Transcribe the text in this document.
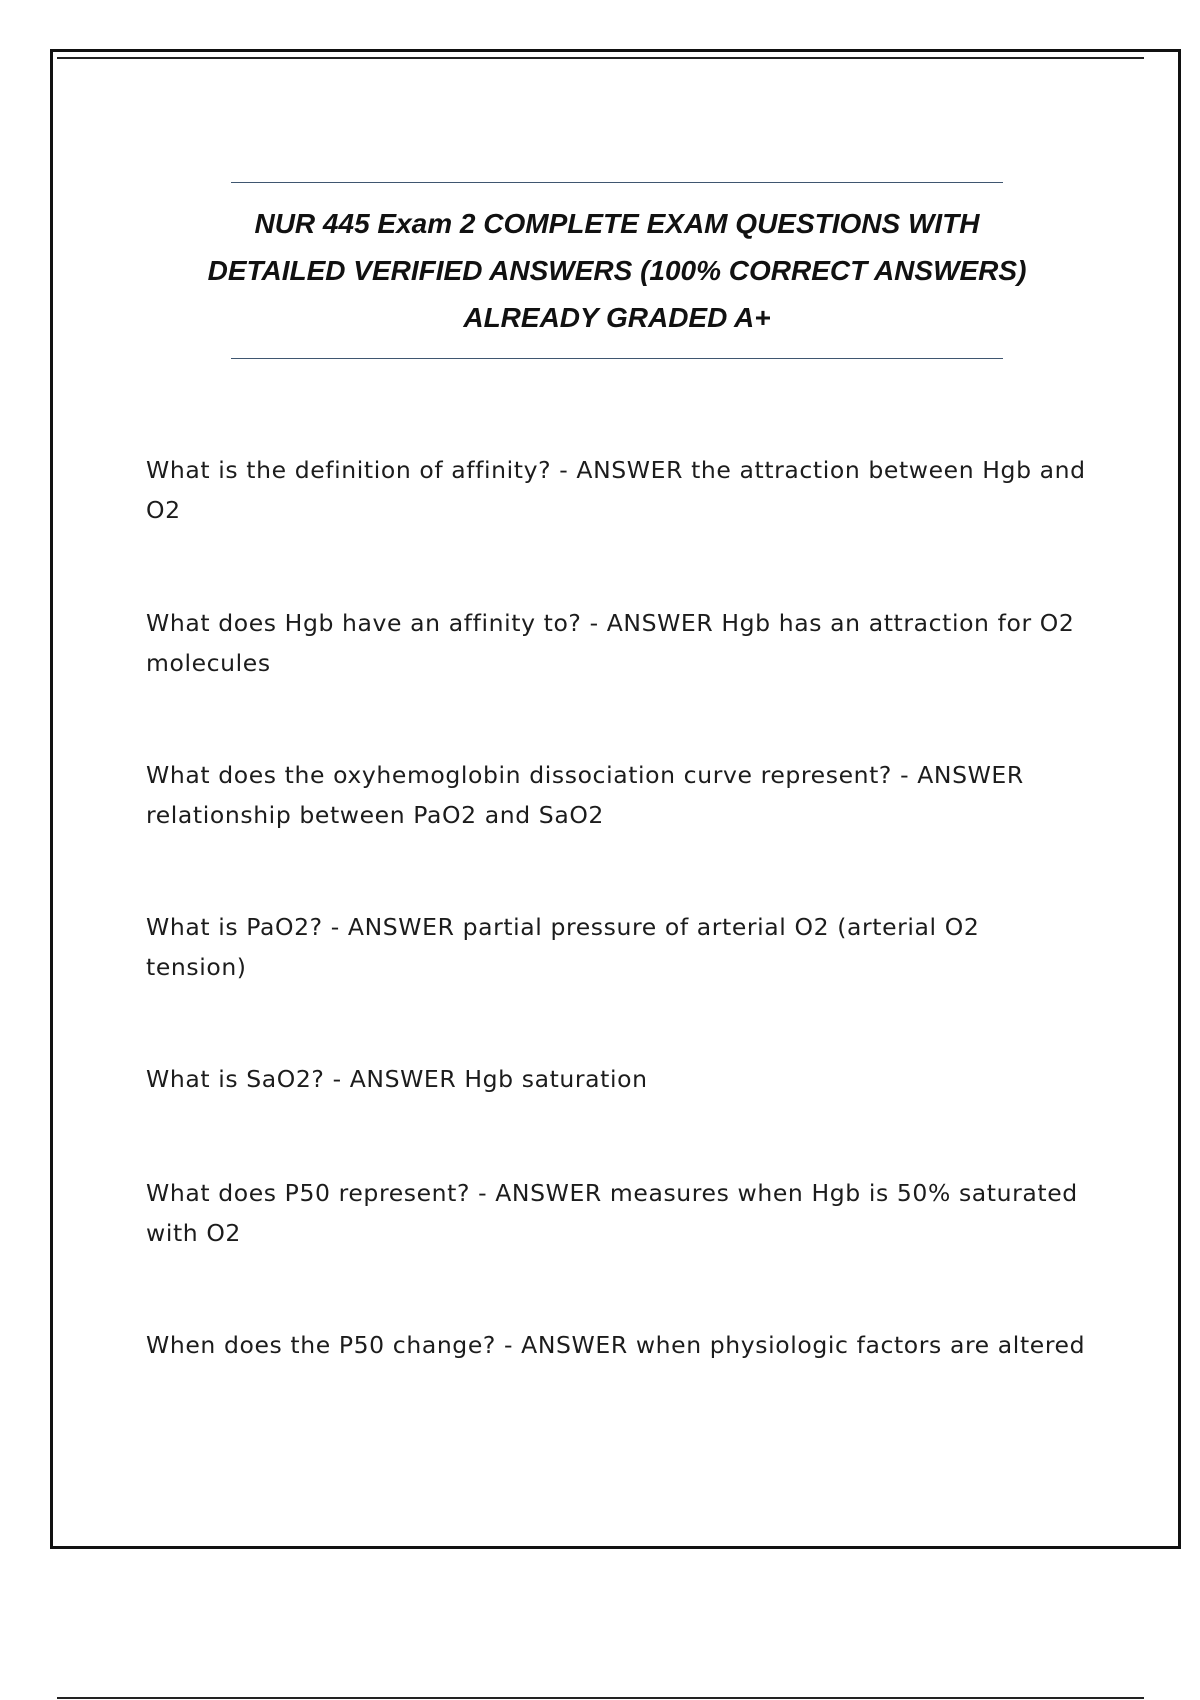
NUR 445 Exam 2 COMPLETE EXAM QUESTIONS WITH
DETAILED VERIFIED ANSWERS (100% CORRECT ANSWERS)
ALREADY GRADED A+
What is the definition of affinity? - ANSWER the attraction between Hgb and O2
What does Hgb have an affinity to? - ANSWER Hgb has an attraction for O2 molecules
What does the oxyhemoglobin dissociation curve represent? - ANSWER relationship between PaO2 and SaO2
What is PaO2? - ANSWER partial pressure of arterial O2 (arterial O2 tension)
What is SaO2? - ANSWER Hgb saturation
What does P50 represent? - ANSWER measures when Hgb is 50% saturated with O2
When does the P50 change? - ANSWER when physiologic factors are altered
